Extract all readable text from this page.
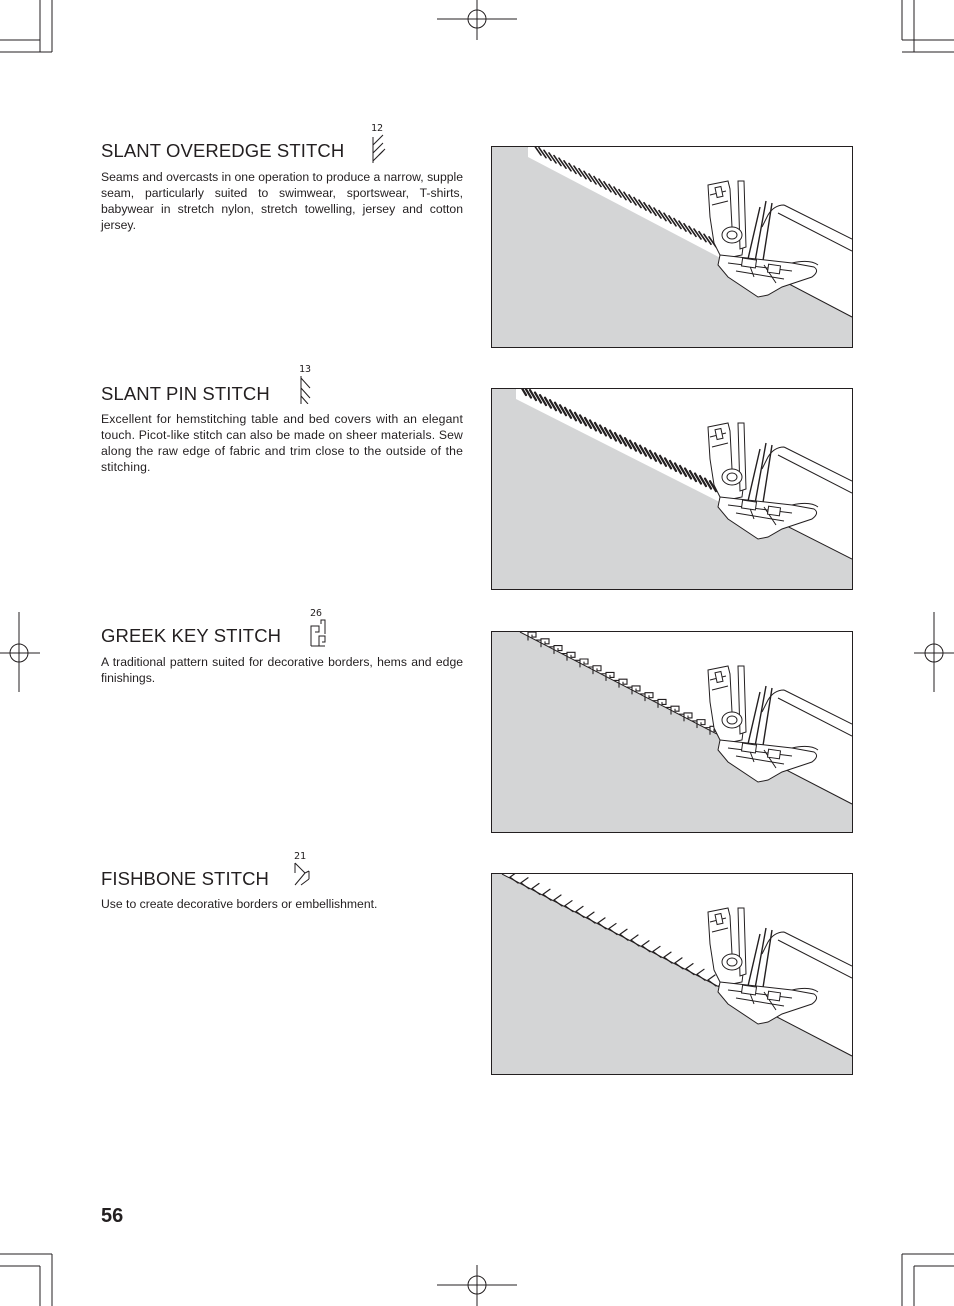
SLANT OVEREDGE STITCH
12
Seams and overcasts in one operation to produce a narrow, supple seam, particularly suited to swimwear, sportswear, T-shirts, babywear in stretch nylon, stretch towelling, jersey and cotton jersey.
SLANT PIN STITCH
13
Excellent for hemstitching table and bed covers with an elegant touch. Picot-like stitch can also be made on sheer materials. Sew along the raw edge of fabric and trim close to the outside of the stitching.
GREEK KEY STITCH
26
A traditional pattern suited for decorative borders, hems and edge finishings.
FISHBONE STITCH
21
Use to create decorative borders or embellishment.
56
